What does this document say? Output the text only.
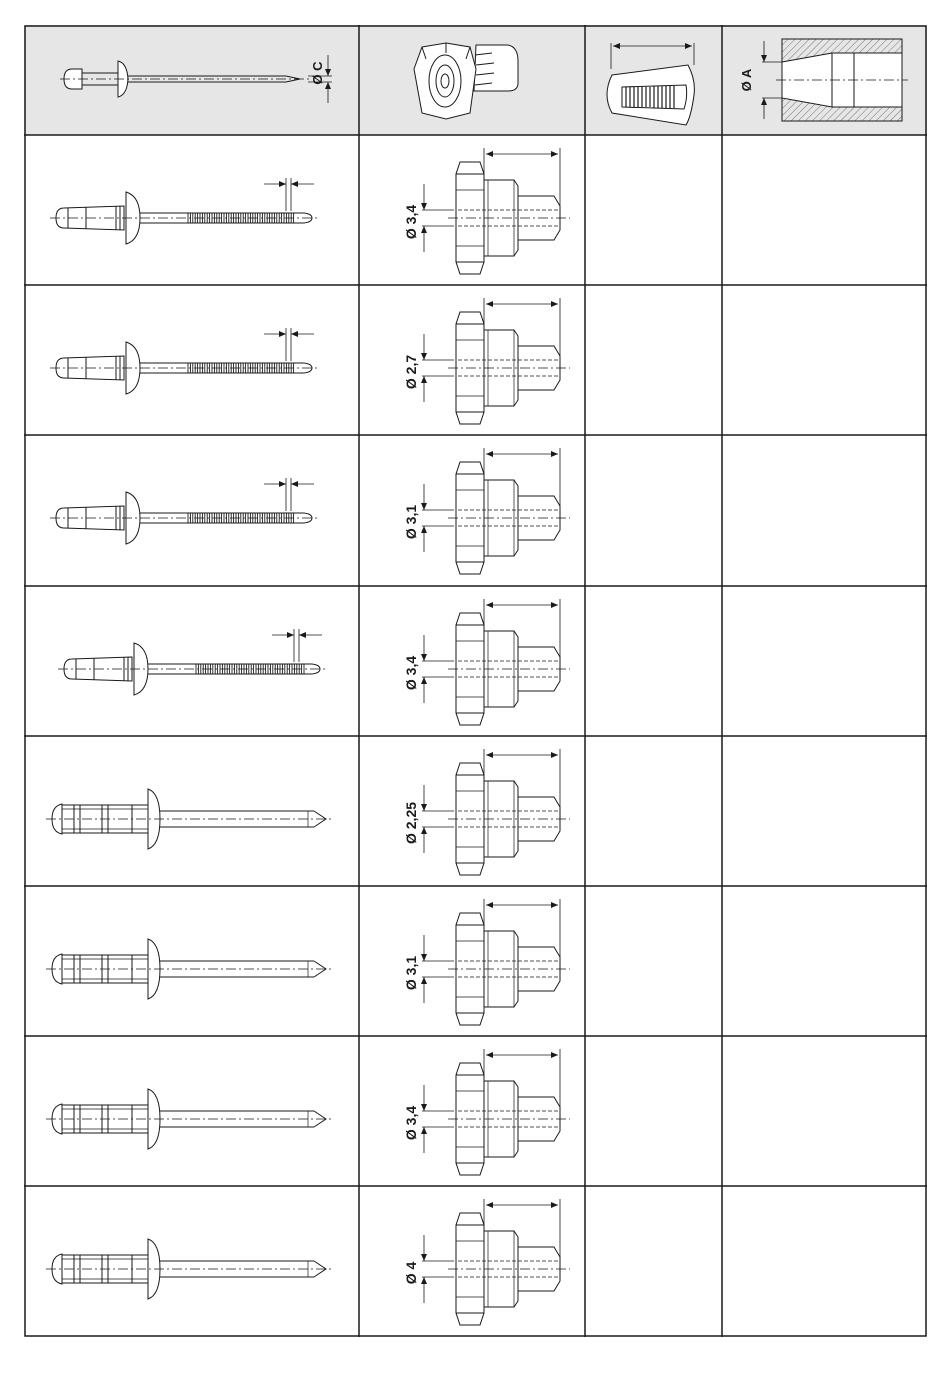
Ø C	Ø A
Ø 3,4
Ø 2,7
Ø 3,1
Ø 3,4
Ø 2,25
Ø 3,1
Ø 3,4
Ø 4
